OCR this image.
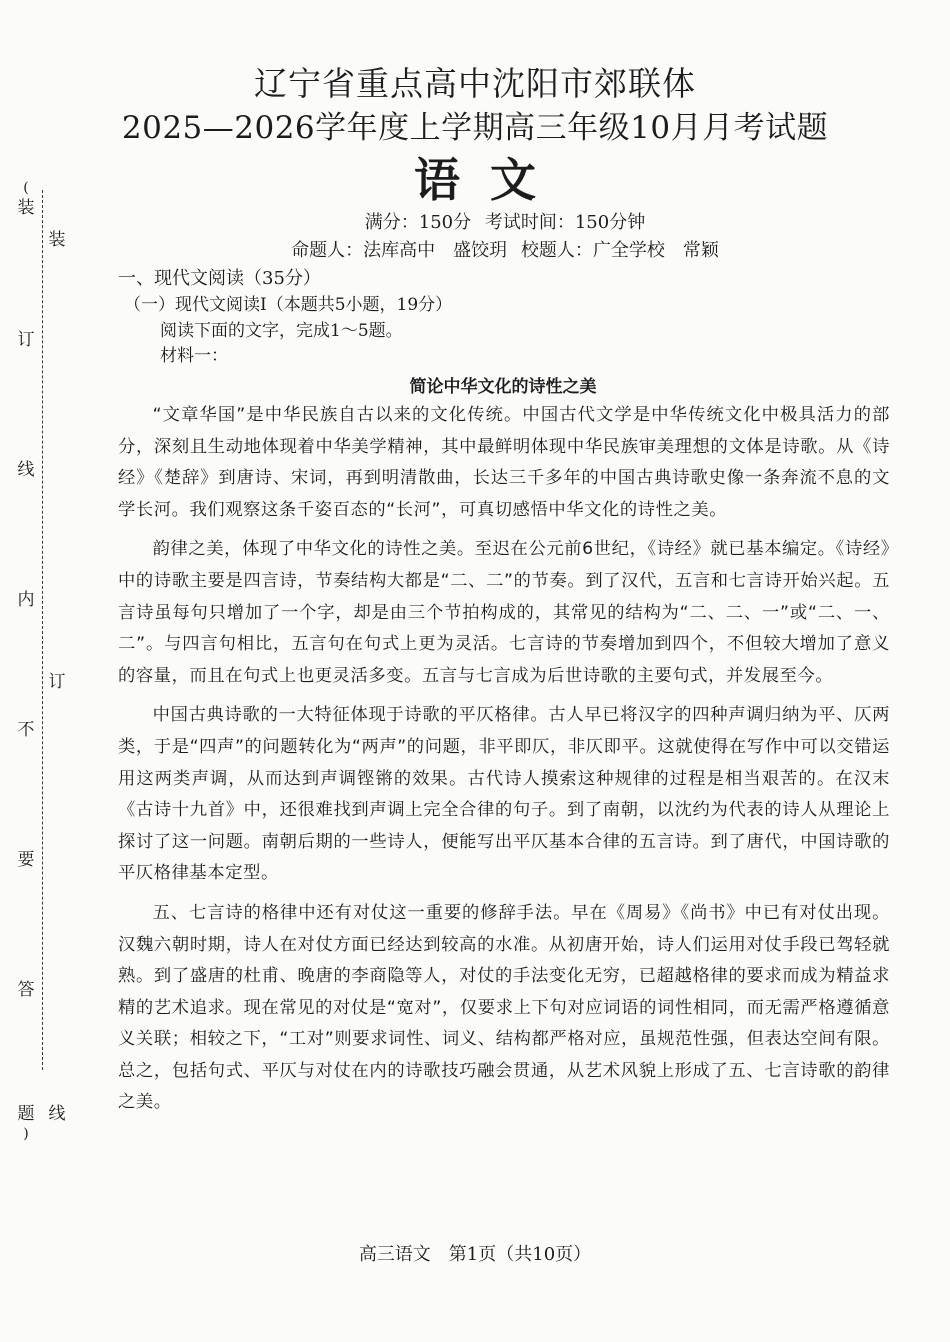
(
装
订
线
内
不
要
答
题
)
装
订
线
辽宁省重点高中沈阳市郊联体
2025—2026学年度上学期高三年级10月月考试题
语文
满分：150分 考试时间：150分钟
命题人：法库高中　盛饺玥 校题人：广全学校　常颖
一、现代文阅读（35分）
（一）现代文阅读Ⅰ（本题共5小题，19分）
阅读下面的文字，完成1～5题。
材料一：
简论中华文化的诗性之美

“文章华国”是中华民族自古以来的文化传统。中国古代文学是中华传统文化中极具活力的部分，深刻且生动地体现着中华美学精神，其中最鲜明体现中华民族审美理想的文体是诗歌。从《诗经》《楚辞》到唐诗、宋词，再到明清散曲，长达三千多年的中国古典诗歌史像一条奔流不息的文学长河。我们观察这条千姿百态的“长河”，可真切感悟中华文化的诗性之美。

韵律之美，体现了中华文化的诗性之美。至迟在公元前6世纪，《诗经》就已基本编定。《诗经》中的诗歌主要是四言诗，节奏结构大都是“二、二”的节奏。到了汉代，五言和七言诗开始兴起。五言诗虽每句只增加了一个字，却是由三个节拍构成的，其常见的结构为“二、二、一”或“二、一、二”。与四言句相比，五言句在句式上更为灵活。七言诗的节奏增加到四个，不但较大增加了意义的容量，而且在句式上也更灵活多变。五言与七言成为后世诗歌的主要句式，并发展至今。

中国古典诗歌的一大特征体现于诗歌的平仄格律。古人早已将汉字的四种声调归纳为平、仄两类，于是“四声”的问题转化为“两声”的问题，非平即仄，非仄即平。这就使得在写作中可以交错运用这两类声调，从而达到声调铿锵的效果。古代诗人摸索这种规律的过程是相当艰苦的。在汉末《古诗十九首》中，还很难找到声调上完全合律的句子。到了南朝，以沈约为代表的诗人从理论上探讨了这一问题。南朝后期的一些诗人，便能写出平仄基本合律的五言诗。到了唐代，中国诗歌的平仄格律基本定型。

五、七言诗的格律中还有对仗这一重要的修辞手法。早在《周易》《尚书》中已有对仗出现。汉魏六朝时期，诗人在对仗方面已经达到较高的水准。从初唐开始，诗人们运用对仗手段已驾轻就熟。到了盛唐的杜甫、晚唐的李商隐等人，对仗的手法变化无穷，已超越格律的要求而成为精益求精的艺术追求。现在常见的对仗是“宽对”，仅要求上下句对应词语的词性相同，而无需严格遵循意义关联；相较之下，“工对”则要求词性、词义、结构都严格对应，虽规范性强，但表达空间有限。总之，包括句式、平仄与对仗在内的诗歌技巧融会贯通，从艺术风貌上形成了五、七言诗歌的韵律之美。

高三语文　第1页（共10页）
